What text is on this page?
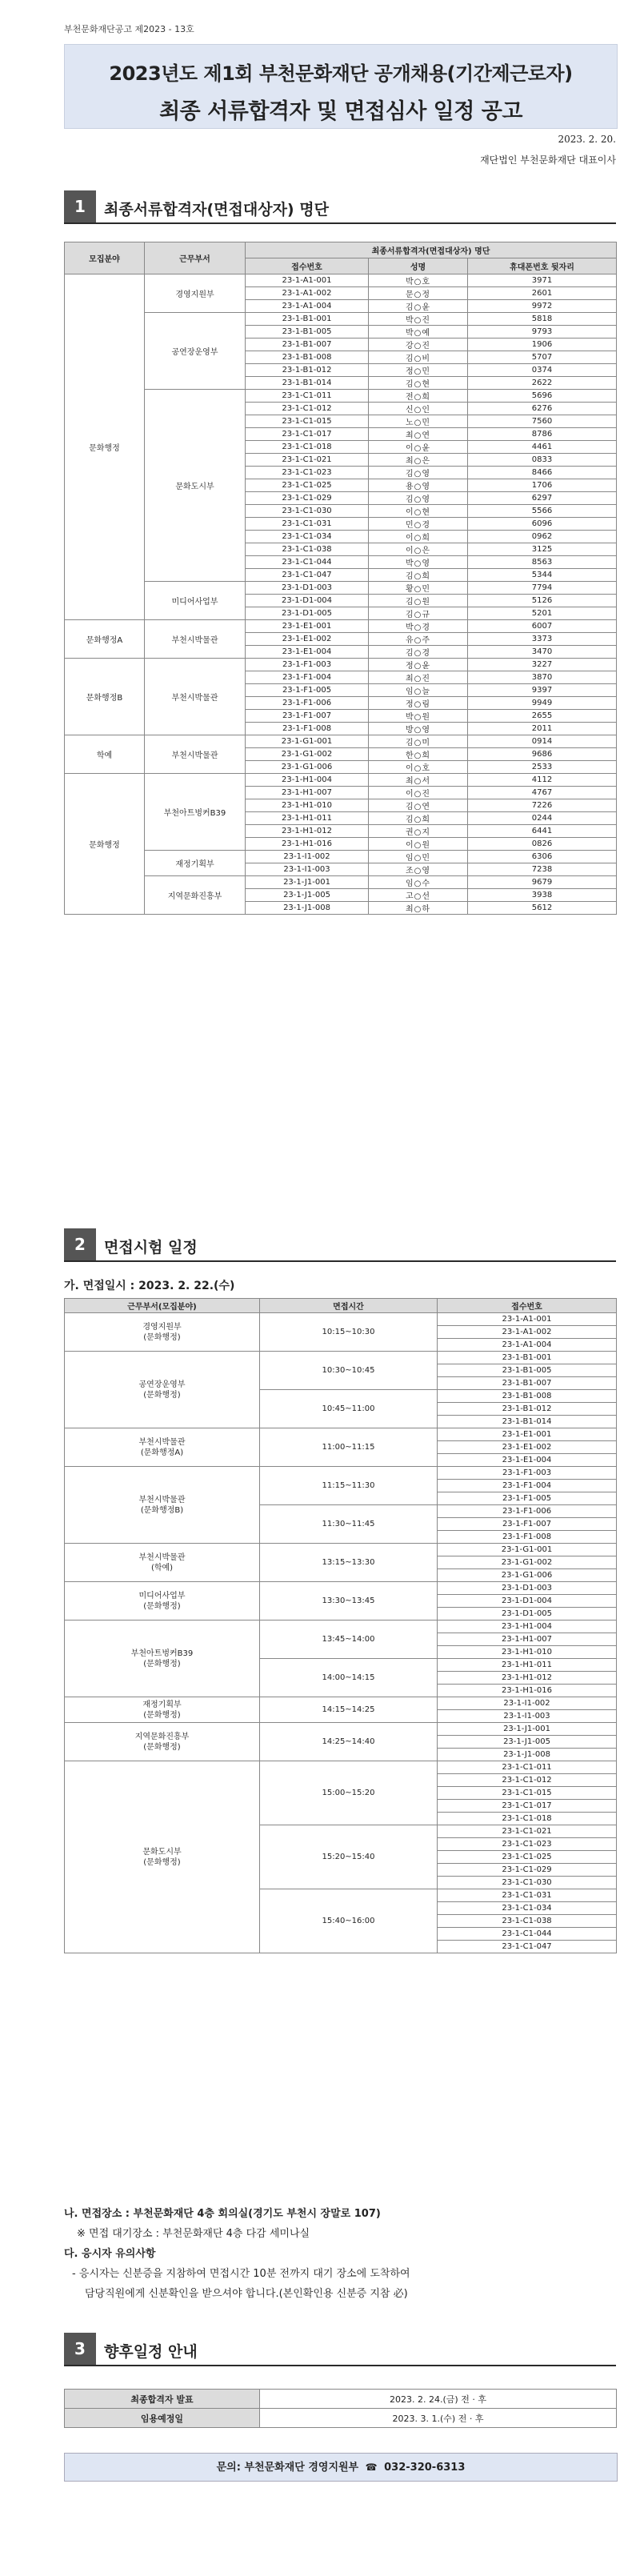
부천문화재단공고 제2023 - 13호
2023년도 제1회 부천문화재단 공개채용(기간제근로자)
최종 서류합격자 및 면접심사 일정 공고
2023. 2. 20.
재단법인 부천문화재단 대표이사
1	최종서류합격자(면접대상자) 명단
모집분야	근무부서	최종서류합격자(면접대상자) 명단		
		접수번호	성명	휴대폰번호 뒷자리
문화행정	경영지원부	23-1-A1-001	박○호	3971
		23-1-A1-002	문○정	2601
		23-1-A1-004	김○윤	9972
	공연장운영부	23-1-B1-001	박○진	5818
		23-1-B1-005	박○예	9793
		23-1-B1-007	강○진	1906
		23-1-B1-008	김○비	5707
		23-1-B1-012	정○민	0374
		23-1-B1-014	김○현	2622
	문화도시부	23-1-C1-011	전○희	5696
		23-1-C1-012	신○인	6276
		23-1-C1-015	노○민	7560
		23-1-C1-017	최○연	8786
		23-1-C1-018	이○윤	4461
		23-1-C1-021	최○은	0833
		23-1-C1-023	김○영	8466
		23-1-C1-025	용○영	1706
		23-1-C1-029	김○영	6297
		23-1-C1-030	이○현	5566
		23-1-C1-031	민○경	6096
		23-1-C1-034	이○희	0962
		23-1-C1-038	이○은	3125
		23-1-C1-044	박○영	8563
		23-1-C1-047	김○희	5344
	미디어사업부	23-1-D1-003	황○민	7794
		23-1-D1-004	김○원	5126
		23-1-D1-005	김○규	5201
문화행정A	부천시박물관	23-1-E1-001	박○경	6007
		23-1-E1-002	유○주	3373
		23-1-E1-004	김○경	3470
문화행정B	부천시박물관	23-1-F1-003	정○윤	3227
		23-1-F1-004	최○진	3870
		23-1-F1-005	임○늘	9397
		23-1-F1-006	정○림	9949
		23-1-F1-007	박○원	2655
		23-1-F1-008	방○영	2011
학예	부천시박물관	23-1-G1-001	김○미	0914
		23-1-G1-002	한○희	9686
		23-1-G1-006	이○호	2533
문화행정	부천아트벙커B39	23-1-H1-004	최○서	4112
		23-1-H1-007	이○진	4767
		23-1-H1-010	김○연	7226
		23-1-H1-011	김○희	0244
		23-1-H1-012	권○지	6441
		23-1-H1-016	이○원	0826
	재정기획부	23-1-I1-002	임○민	6306
		23-1-I1-003	조○영	7238
	지역문화진흥부	23-1-J1-001	임○수	9679
		23-1-J1-005	고○선	3938
		23-1-J1-008	최○하	5612
2	면접시험 일정
가. 면접일시 : 2023. 2. 22.(수)
근무부서(모집분야)	면접시간	접수번호

경영지원부
(문화행정)	10:15~10:30	23-1-A1-001
		23-1-A1-002
		23-1-A1-004

공연장운영부
(문화행정)	10:30~10:45	23-1-B1-001
		23-1-B1-005
		23-1-B1-007
	10:45~11:00	23-1-B1-008
		23-1-B1-012
		23-1-B1-014

부천시박물관
(문화행정A)	11:00~11:15	23-1-E1-001
		23-1-E1-002
		23-1-E1-004

부천시박물관
(문화행정B)	11:15~11:30	23-1-F1-003
		23-1-F1-004
		23-1-F1-005
	11:30~11:45	23-1-F1-006
		23-1-F1-007
		23-1-F1-008

부천시박물관
(학예)	13:15~13:30	23-1-G1-001
		23-1-G1-002
		23-1-G1-006

미디어사업부
(문화행정)	13:30~13:45	23-1-D1-003
		23-1-D1-004
		23-1-D1-005

부천아트벙커B39
(문화행정)	13:45~14:00	23-1-H1-004
		23-1-H1-007
		23-1-H1-010
	14:00~14:15	23-1-H1-011
		23-1-H1-012
		23-1-H1-016

재정기획부
(문화행정)	14:15~14:25	23-1-I1-002
		23-1-I1-003

지역문화진흥부
(문화행정)	14:25~14:40	23-1-J1-001
		23-1-J1-005
		23-1-J1-008

문화도시부
(문화행정)	15:00~15:20	23-1-C1-011
		23-1-C1-012
		23-1-C1-015
		23-1-C1-017
		23-1-C1-018
	15:20~15:40	23-1-C1-021
		23-1-C1-023
		23-1-C1-025
		23-1-C1-029
		23-1-C1-030
	15:40~16:00	23-1-C1-031
		23-1-C1-034
		23-1-C1-038
		23-1-C1-044
		23-1-C1-047
나. 면접장소 : 부천문화재단 4층 회의실(경기도 부천시 장말로 107)
※ 면접 대기장소 : 부천문화재단 4층 다감 세미나실
다. 응시자 유의사항
- 응시자는 신분증을 지참하여 면접시간 10분 전까지 대기 장소에 도착하여
담당직원에게 신분확인을 받으셔야 합니다.(본인확인용 신분증 지참 必)
3	향후일정 안내
최종합격자 발표	2023. 2. 24.(금) 전 · 후
임용예정일	2023. 3. 1.(수) 전 · 후
문의: 부천문화재단 경영지원부 ☎ 032-320-6313
